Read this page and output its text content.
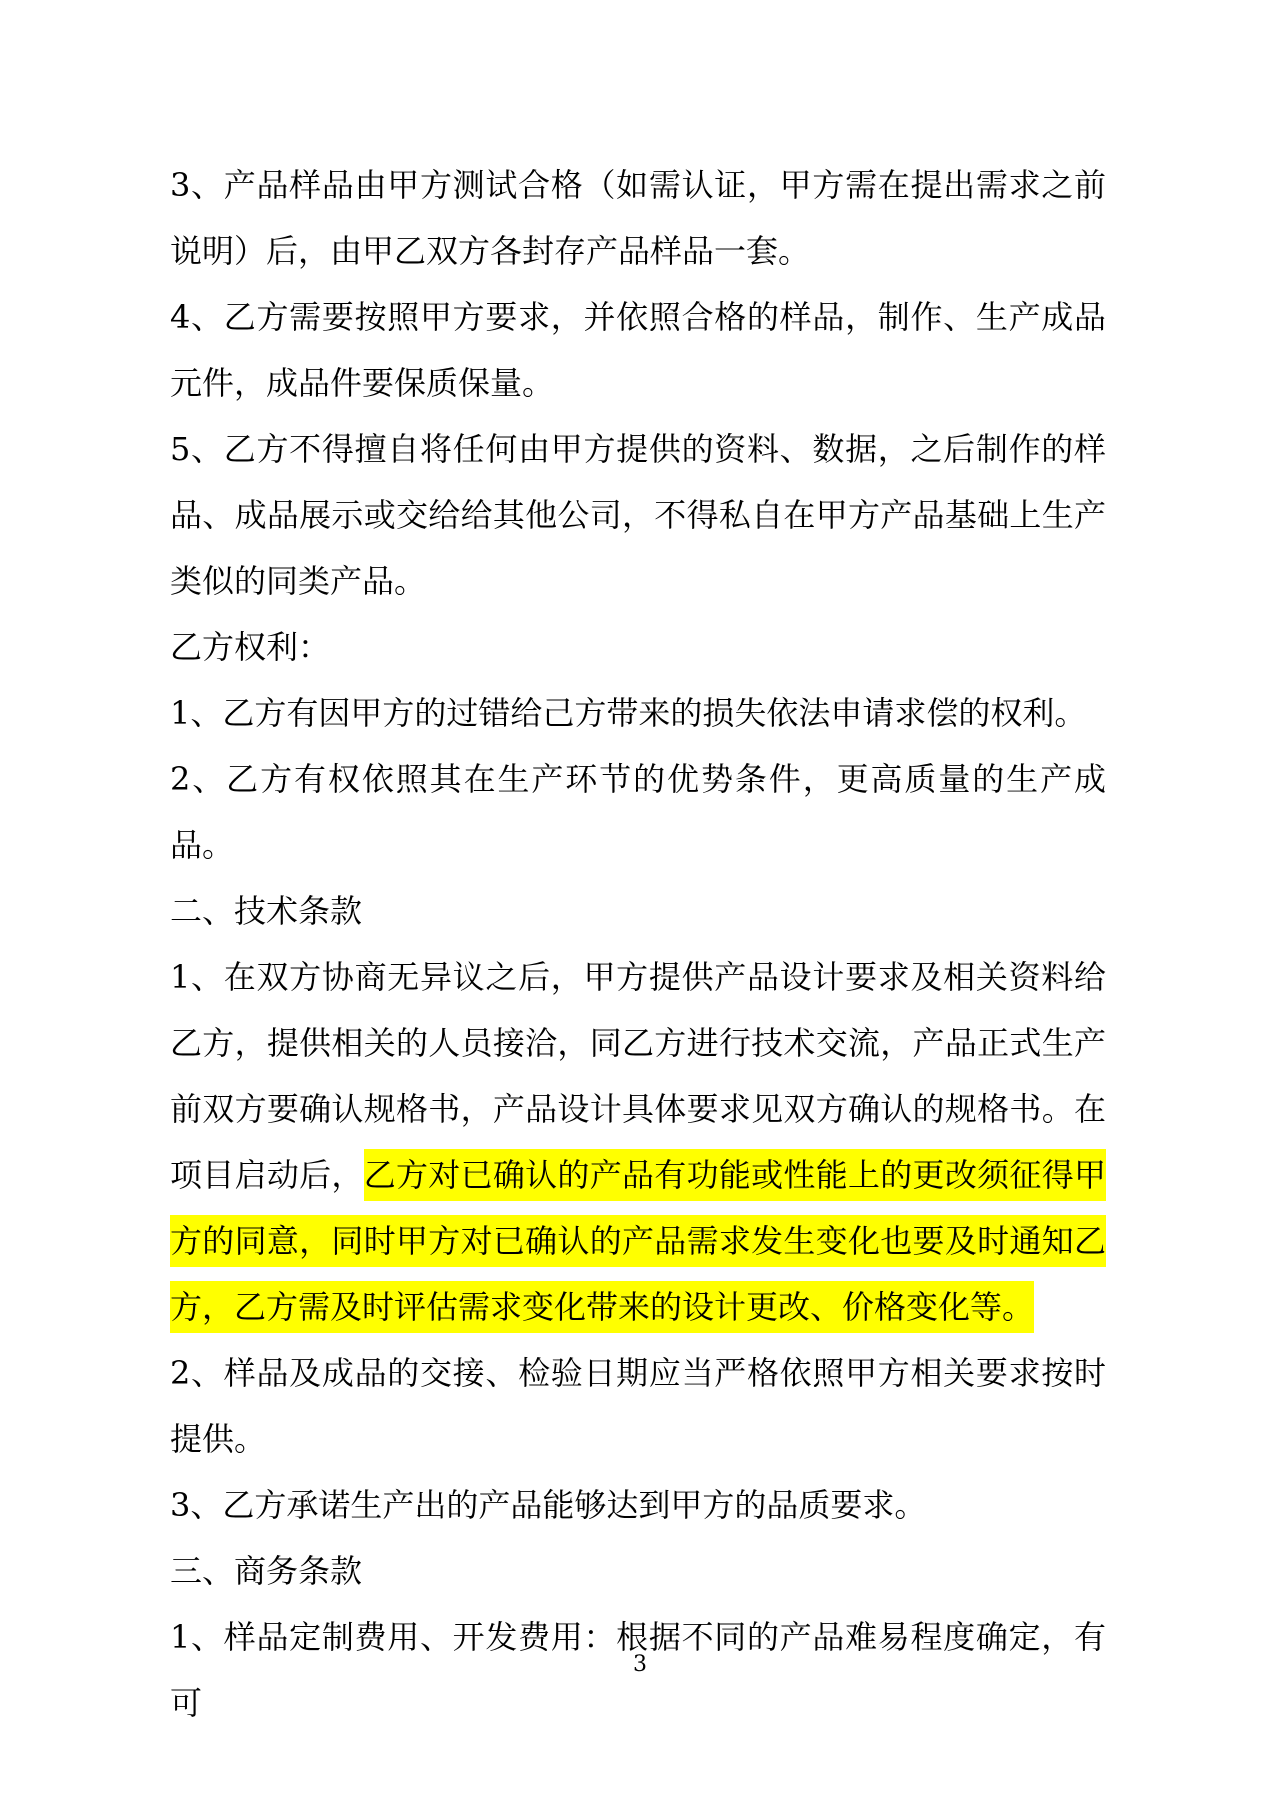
3、产品样品由甲方测试合格（如需认证，甲方需在提出需求之前说明）后，由甲乙双方各封存产品样品一套。

4、乙方需要按照甲方要求，并依照合格的样品，制作、生产成品元件，成品件要保质保量。

5、乙方不得擅自将任何由甲方提供的资料、数据，之后制作的样品、成品展示或交给给其他公司，不得私自在甲方产品基础上生产类似的同类产品。

乙方权利：

1、乙方有因甲方的过错给己方带来的损失依法申请求偿的权利。

2、乙方有权依照其在生产环节的优势条件，更高质量的生产成品。

二、技术条款

1、在双方协商无异议之后，甲方提供产品设计要求及相关资料给乙方，提供相关的人员接洽，同乙方进行技术交流，产品正式生产前双方要确认规格书，产品设计具体要求见双方确认的规格书。在项目启动后，乙方对已确认的产品有功能或性能上的更改须征得甲方的同意，同时甲方对已确认的产品需求发生变化也要及时通知乙方，乙方需及时评估需求变化带来的设计更改、价格变化等。

2、样品及成品的交接、检验日期应当严格依照甲方相关要求按时提供。

3、乙方承诺生产出的产品能够达到甲方的品质要求。

三、商务条款

1、样品定制费用、开发费用：根据不同的产品难易程度确定，有可

3
